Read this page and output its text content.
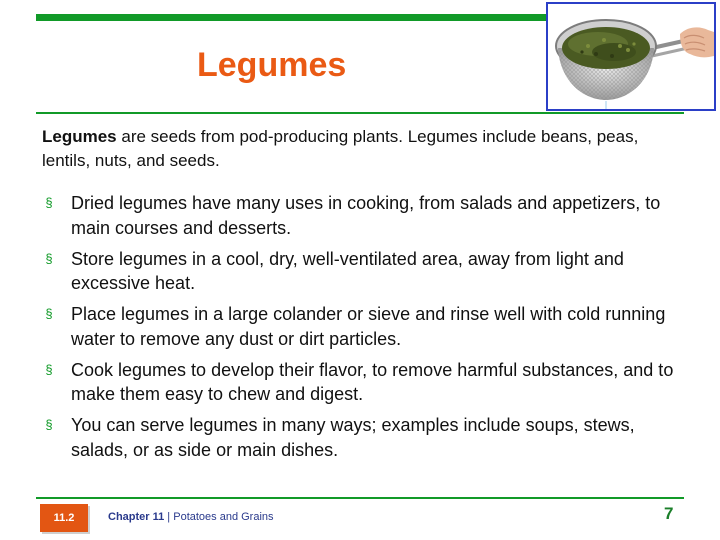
Legumes

Legumes are seeds from pod-producing plants. Legumes include beans, peas, lentils, nuts, and seeds.

§ Dried legumes have many uses in cooking, from salads and appetizers, to main courses and desserts.
§ Store legumes in a cool, dry, well-ventilated area, away from light and excessive heat.
§ Place legumes in a large colander or sieve and rinse well with cold running water to remove any dust or dirt particles.
§ Cook legumes to develop their flavor, to remove harmful substances, and to make them easy to chew and digest.
§ You can serve legumes in many ways; examples include soups, stews, salads, or as side or main dishes.
11.2	Chapter 11 | Potatoes and Grains	7
